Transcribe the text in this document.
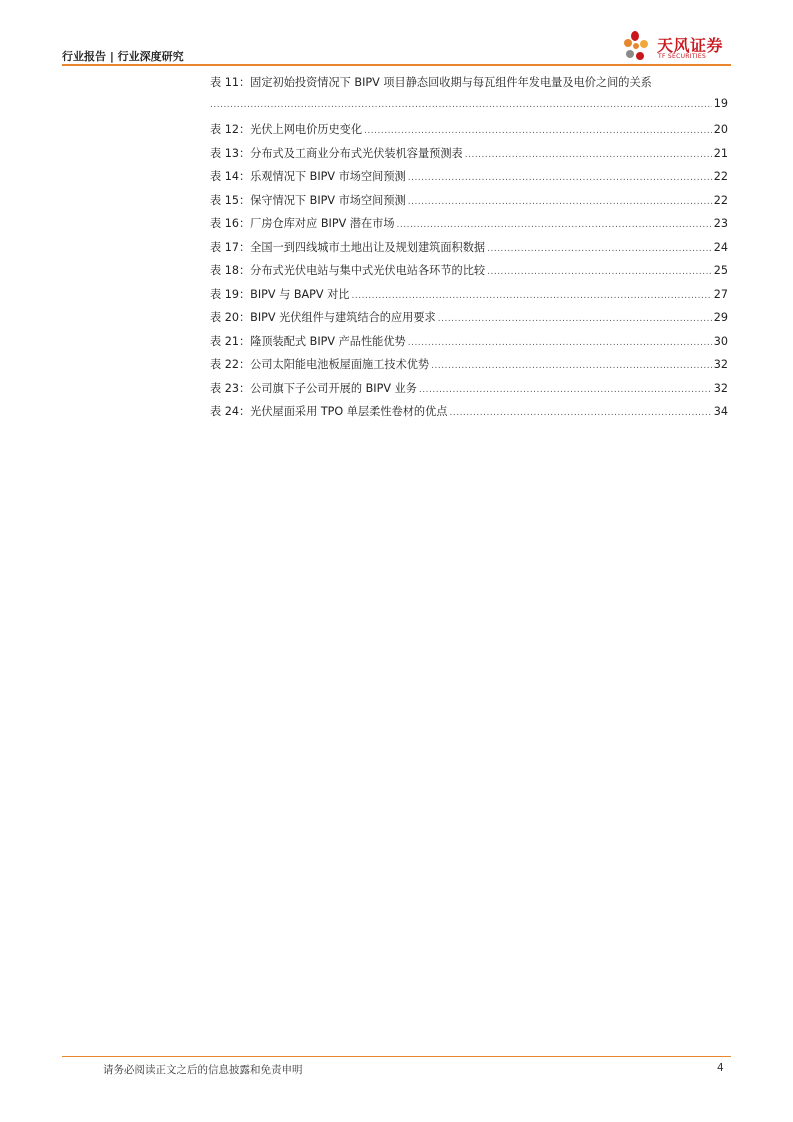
行业报告 | 行业深度研究
天风证券
TF SECURITIES
表 11：固定初始投资情况下 BIPV 项目静态回收期与每瓦组件年发电量及电价之间的关系
.....
19
表 12：光伏上网电价历史变化 .....	20
表 13：分布式及工商业分布式光伏装机容量预测表 .....	21
表 14：乐观情况下 BIPV 市场空间预测 .....	22
表 15：保守情况下 BIPV 市场空间预测 .....	22
表 16：厂房仓库对应 BIPV 潜在市场 .....	23
表 17：全国一到四线城市土地出让及规划建筑面积数据 .....	24
表 18：分布式光伏电站与集中式光伏电站各环节的比较 .....	25
表 19：BIPV 与 BAPV 对比 .....	27
表 20：BIPV 光伏组件与建筑结合的应用要求 .....	29
表 21：隆顶装配式 BIPV 产品性能优势 .....	30
表 22：公司太阳能电池板屋面施工技术优势 .....	32
表 23：公司旗下子公司开展的 BIPV 业务 .....	32
表 24：光伏屋面采用 TPO 单层柔性卷材的优点 .....	34
请务必阅读正文之后的信息披露和免责申明	4
